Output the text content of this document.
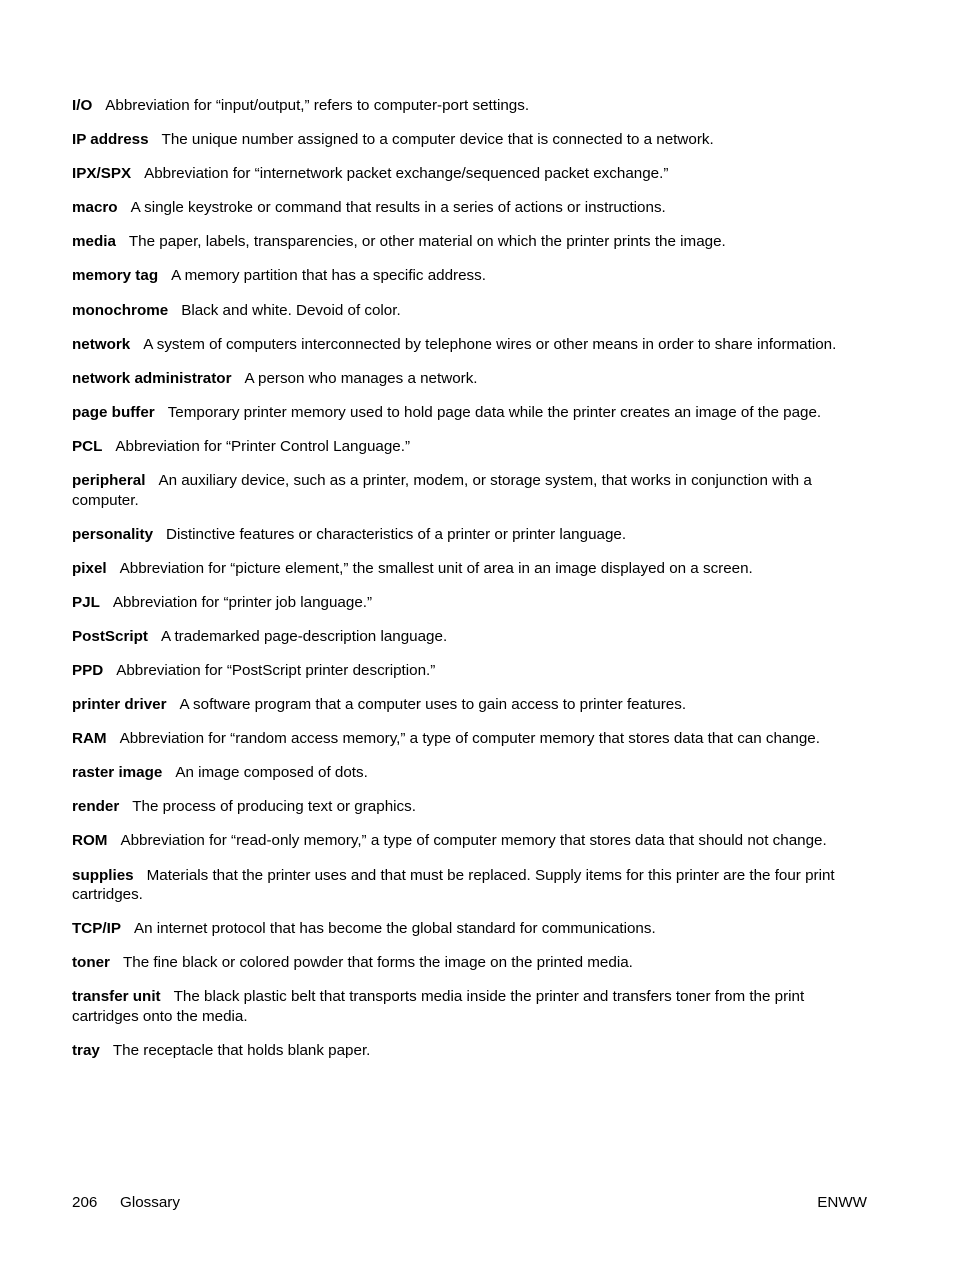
I/O Abbreviation for “input/output,” refers to computer-port settings.
IP address The unique number assigned to a computer device that is connected to a network.
IPX/SPX Abbreviation for “internetwork packet exchange/sequenced packet exchange.”
macro A single keystroke or command that results in a series of actions or instructions.
media The paper, labels, transparencies, or other material on which the printer prints the image.
memory tag A memory partition that has a specific address.
monochrome Black and white. Devoid of color.
network A system of computers interconnected by telephone wires or other means in order to share information.
network administrator A person who manages a network.
page buffer Temporary printer memory used to hold page data while the printer creates an image of the page.
PCL Abbreviation for “Printer Control Language.”
peripheral An auxiliary device, such as a printer, modem, or storage system, that works in conjunction with a computer.
personality Distinctive features or characteristics of a printer or printer language.
pixel Abbreviation for “picture element,” the smallest unit of area in an image displayed on a screen.
PJL Abbreviation for “printer job language.”
PostScript A trademarked page-description language.
PPD Abbreviation for “PostScript printer description.”
printer driver A software program that a computer uses to gain access to printer features.
RAM Abbreviation for “random access memory,” a type of computer memory that stores data that can change.
raster image An image composed of dots.
render The process of producing text or graphics.
ROM Abbreviation for “read-only memory,” a type of computer memory that stores data that should not change.
supplies Materials that the printer uses and that must be replaced. Supply items for this printer are the four print cartridges.
TCP/IP An internet protocol that has become the global standard for communications.
toner The fine black or colored powder that forms the image on the printed media.
transfer unit The black plastic belt that transports media inside the printer and transfers toner from the print cartridges onto the media.
tray The receptacle that holds blank paper.
206 Glossary	ENWW
